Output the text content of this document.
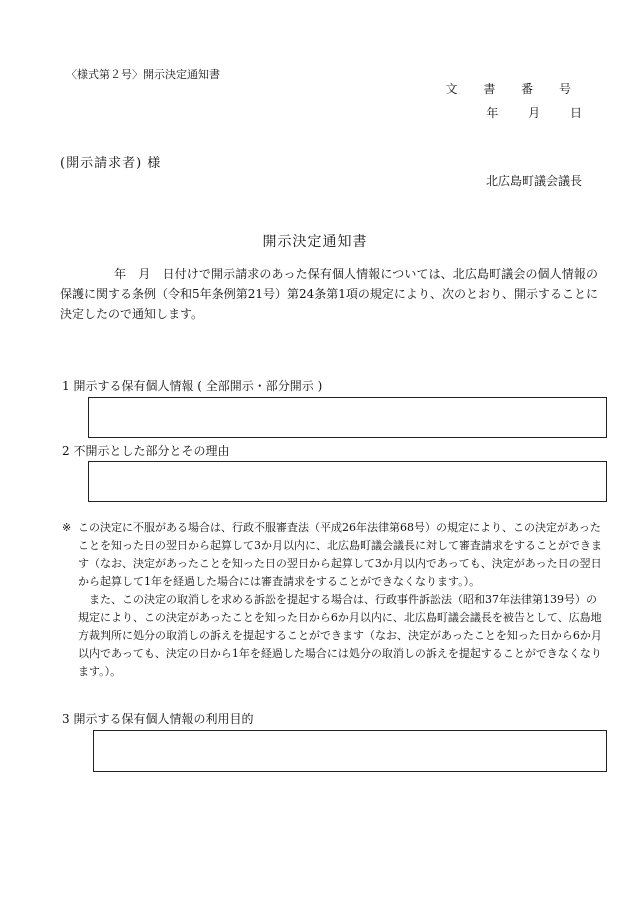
〈様式第２号〉開示決定通知書
文 書 番 号
年 月 日
(開示請求者) 様
北広島町議会議長
開示決定通知書
年　月　日付けで開示請求のあった保有個人情報については、北広島町議会の個人情報の保護に関する条例（令和5年条例第21号）第24条第1項の規定により、次のとおり、開示することに決定したので通知します。
1 開示する保有個人情報 ( 全部開示・部分開示 )
2 不開示とした部分とその理由
※ この決定に不服がある場合は、行政不服審査法（平成26年法律第68号）の規定により、この決定があったことを知った日の翌日から起算して3か月以内に、北広島町議会議長に対して審査請求をすることができます（なお、決定があったことを知った日の翌日から起算して3か月以内であっても、決定があった日の翌日から起算して1年を経過した場合には審査請求をすることができなくなります。）。
また、この決定の取消しを求める訴訟を提起する場合は、行政事件訴訟法（昭和37年法律第139号）の規定により、この決定があったことを知った日から6か月以内に、北広島町議会議長を被告として、広島地方裁判所に処分の取消しの訴えを提起することができます（なお、決定があったことを知った日から6か月以内であっても、決定の日から1年を経過した場合には処分の取消しの訴えを提起することができなくなります。）。
3 開示する保有個人情報の利用目的
